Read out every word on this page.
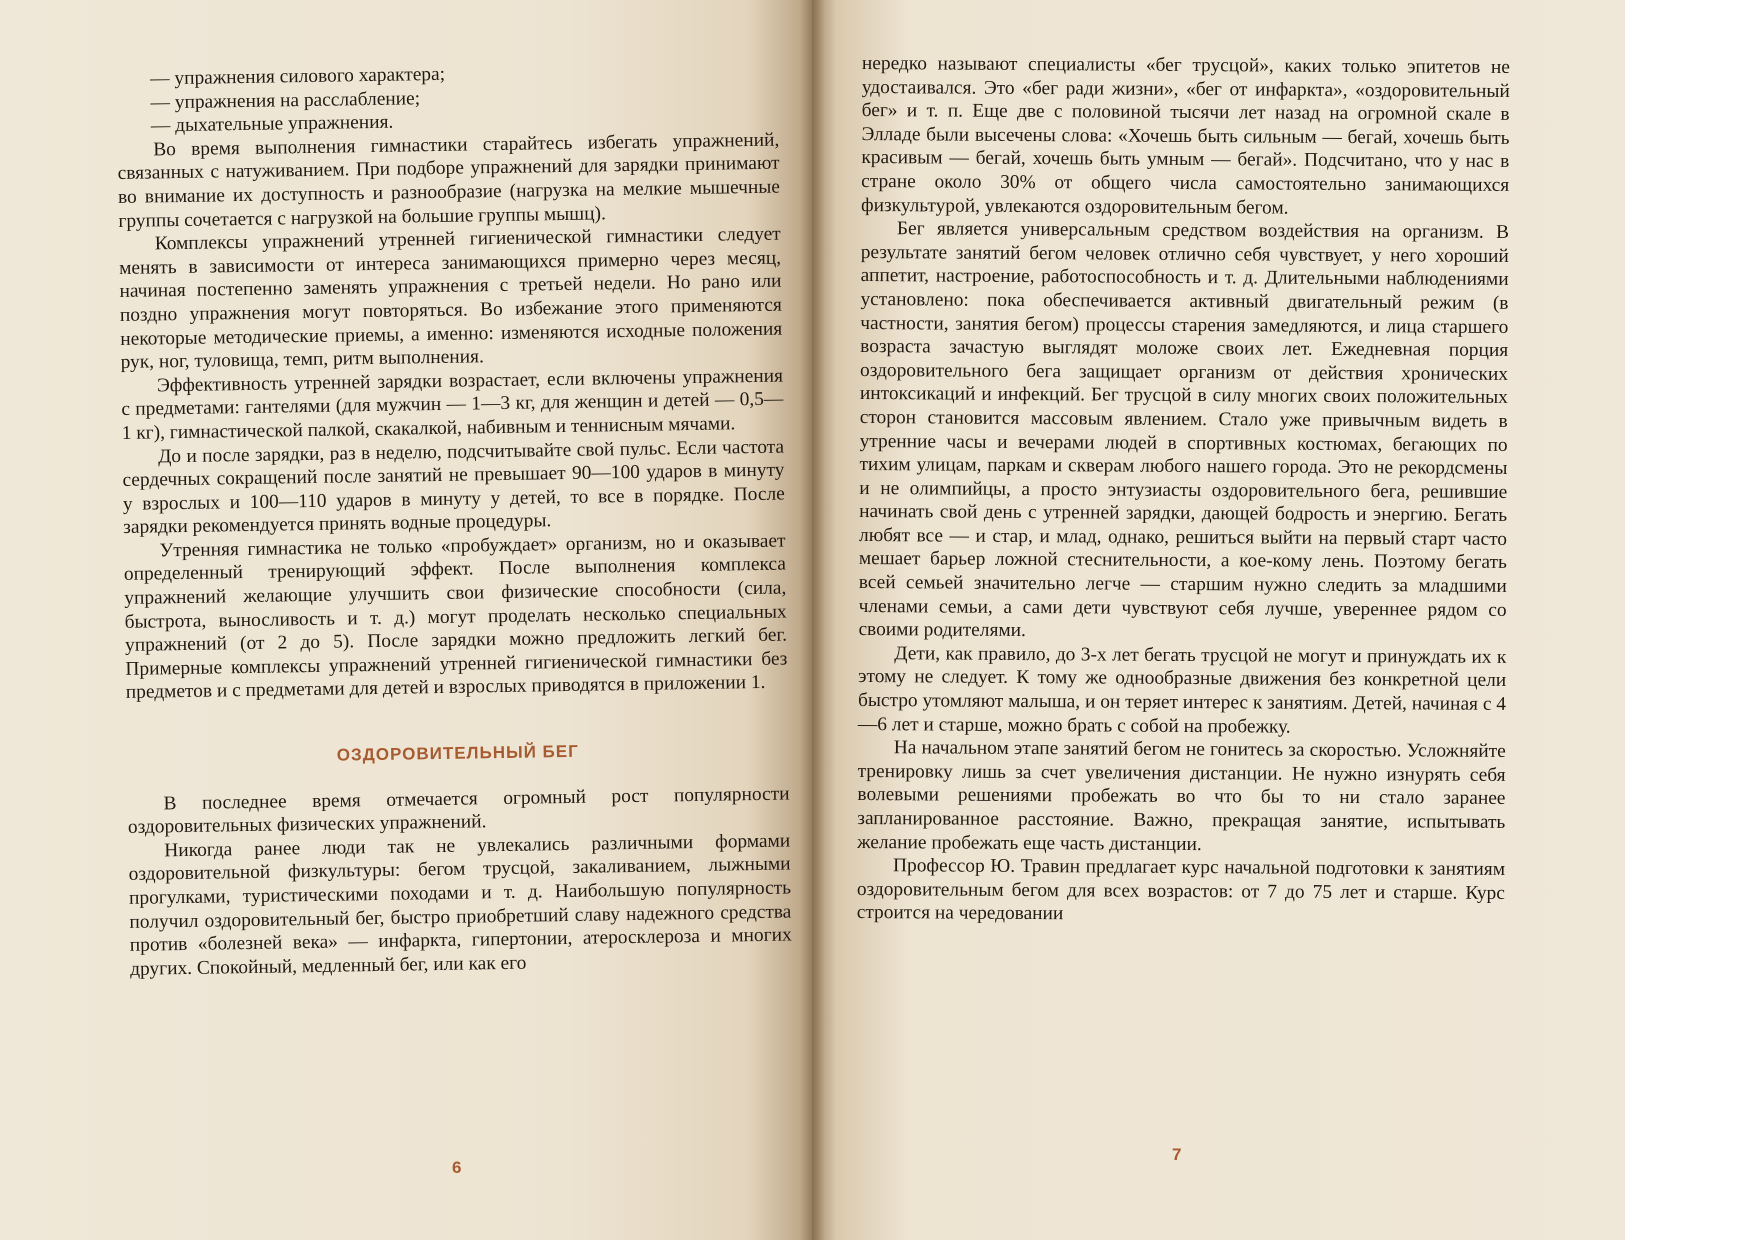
— упражнения силового характера;

— упражнения на расслабление;

— дыхательные упражнения.

Во время выполнения гимнастики старайтесь избегать упражнений, связанных с натуживанием. При подборе упражнений для зарядки принимают во внимание их доступность и разнообразие (нагрузка на мелкие мышечные группы сочетается с нагрузкой на большие группы мышц).

Комплексы упражнений утренней гигиенической гимнастики следует менять в зависимости от интереса занимающихся примерно через месяц, начиная постепенно заменять упражнения с третьей недели. Но рано или поздно упражнения могут повторяться. Во избежание этого применяются некоторые методические приемы, а именно: изменяются исходные положения рук, ног, туловища, темп, ритм выполнения.

Эффективность утренней зарядки возрастает, если включены упражнения с предметами: гантелями (для мужчин — 1—3 кг, для женщин и детей — 0,5—1 кг), гимнастической палкой, скакалкой, набивным и теннисным мячами.

До и после зарядки, раз в неделю, подсчитывайте свой пульс. Если частота сердечных сокращений после занятий не превышает 90—100 ударов в минуту у взрослых и 100—110 ударов в минуту у детей, то все в порядке. После зарядки рекомендуется принять водные процедуры.

Утренняя гимнастика не только «пробуждает» организм, но и оказывает определенный тренирующий эффект. После выполнения комплекса упражнений желающие улучшить свои физические способности (сила, быстрота, выносливость и т. д.) могут проделать несколько специальных упражнений (от 2 до 5). После зарядки можно предложить легкий бег. Примерные комплексы упражнений утренней гигиенической гимнастики без предметов и с предметами для детей и взрослых приводятся в приложении 1.

ОЗДОРОВИТЕЛЬНЫЙ БЕГ

В последнее время отмечается огромный рост популярности оздоровительных физических упражнений.

Никогда ранее люди так не увлекались различными формами оздоровительной физкультуры: бегом трусцой, закаливанием, лыжными прогулками, туристическими походами и т. д. Наибольшую популярность получил оздоровительный бег, быстро приобретший славу надежного средства против «болезней века» — инфаркта, гипертонии, атеросклероза и многих других. Спокойный, медленный бег, или как его

нередко называют специалисты «бег трусцой», каких только эпитетов не удостаивался. Это «бег ради жизни», «бег от инфаркта», «оздоровительный бег» и т. п. Еще две с половиной тысячи лет назад на огромной скале в Элладе были высечены слова: «Хочешь быть сильным — бегай, хочешь быть красивым — бегай, хочешь быть умным — бегай». Подсчитано, что у нас в стране около 30% от общего числа самостоятельно занимающихся физкультурой, увлекаются оздоровительным бегом.

Бег является универсальным средством воздействия на организм. В результате занятий бегом человек отлично себя чувствует, у него хороший аппетит, настроение, работоспособность и т. д. Длительными наблюдениями установлено: пока обеспечивается активный двигательный режим (в частности, занятия бегом) процессы старения замедляются, и лица старшего возраста зачастую выглядят моложе своих лет. Ежедневная порция оздоровительного бега защищает организм от действия хронических интоксикаций и инфекций. Бег трусцой в силу многих своих положительных сторон становится массовым явлением. Стало уже привычным видеть в утренние часы и вечерами людей в спортивных костюмах, бегающих по тихим улицам, паркам и скверам любого нашего города. Это не рекордсмены и не олимпийцы, а просто энтузиасты оздоровительного бега, решившие начинать свой день с утренней зарядки, дающей бодрость и энергию. Бегать любят все — и стар, и млад, однако, решиться выйти на первый старт часто мешает барьер ложной стеснительности, а кое-кому лень. Поэтому бегать всей семьей значительно легче — старшим нужно следить за младшими членами семьи, а сами дети чувствуют себя лучше, увереннее рядом со своими родителями.

Дети, как правило, до 3-х лет бегать трусцой не могут и принуждать их к этому не следует. К тому же однообразные движения без конкретной цели быстро утомляют малыша, и он теряет интерес к занятиям. Детей, начиная с 4—6 лет и старше, можно брать с собой на пробежку.

На начальном этапе занятий бегом не гонитесь за скоростью. Усложняйте тренировку лишь за счет увеличения дистанции. Не нужно изнурять себя волевыми решениями пробежать во что бы то ни стало заранее запланированное расстояние. Важно, прекращая занятие, испытывать желание пробежать еще часть дистанции.

Профессор Ю. Травин предлагает курс начальной подготовки к занятиям оздоровительным бегом для всех возрастов: от 7 до 75 лет и старше. Курс строится на чередовании

6
7
